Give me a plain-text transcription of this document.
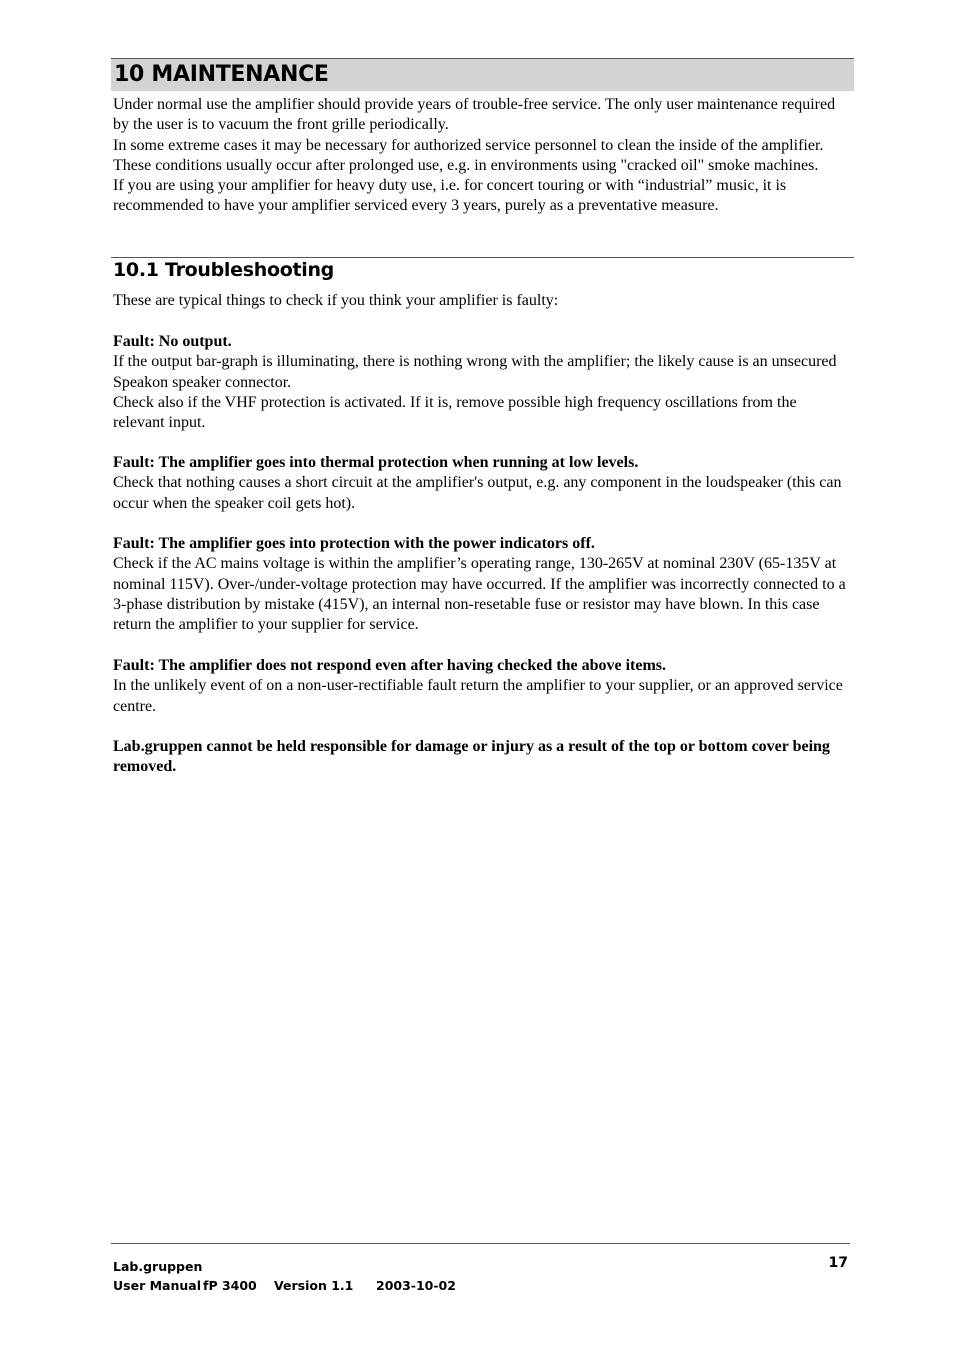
10 MAINTENANCE

Under normal use the amplifier should provide years of trouble-free service. The only user maintenance required by the user is to vacuum the front grille periodically.

In some extreme cases it may be necessary for authorized service personnel to clean the inside of the amplifier. These conditions usually occur after prolonged use, e.g. in environments using "cracked oil" smoke machines.

If you are using your amplifier for heavy duty use, i.e. for concert touring or with “industrial” music, it is recommended to have your amplifier serviced every 3 years, purely as a preventative measure.

10.1 Troubleshooting

These are typical things to check if you think your amplifier is faulty:

Fault: No output.

If the output bar-graph is illuminating, there is nothing wrong with the amplifier; the likely cause is an unsecured Speakon speaker connector.

Check also if the VHF protection is activated. If it is, remove possible high frequency oscillations from the relevant input.

Fault: The amplifier goes into thermal protection when running at low levels.

Check that nothing causes a short circuit at the amplifier's output, e.g. any component in the loudspeaker (this can occur when the speaker coil gets hot).

Fault: The amplifier goes into protection with the power indicators off.

Check if the AC mains voltage is within the amplifier’s operating range, 130-265V at nominal 230V (65-135V at nominal 115V). Over-/under-voltage protection may have occurred. If the amplifier was incorrectly connected to a 3-phase distribution by mistake (415V), an internal non-resetable fuse or resistor may have blown. In this case return the amplifier to your supplier for service.

Fault: The amplifier does not respond even after having checked the above items.

In the unlikely event of on a non-user-rectifiable fault return the amplifier to your supplier, or an approved service centre.

Lab.gruppen cannot be held responsible for damage or injury as a result of the top or bottom cover being removed.

Lab.gruppen
User Manual fP 3400 Version 1.1 2003-10-02
17
